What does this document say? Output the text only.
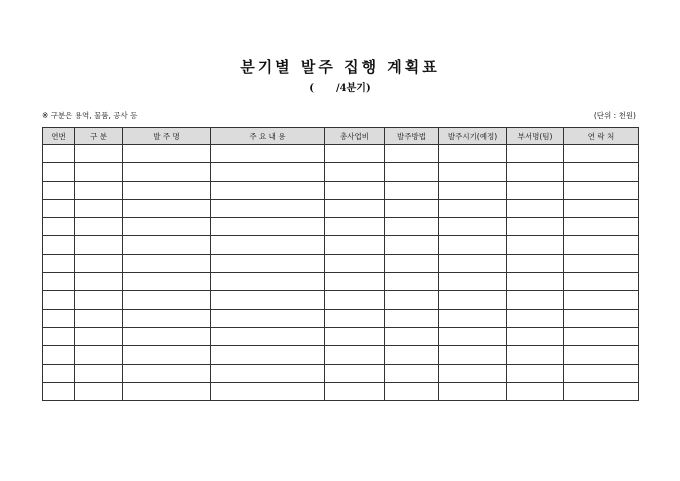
분기별 발주 집행 계획표
( /4분기)
※ 구분은 용역, 물품, 공사 등	(단위 : 천원)
연번	구 분	발 주 명	주 요 내 용	총사업비	발주방법	발주시기(예정)	부서명(팀)	연 락 처
